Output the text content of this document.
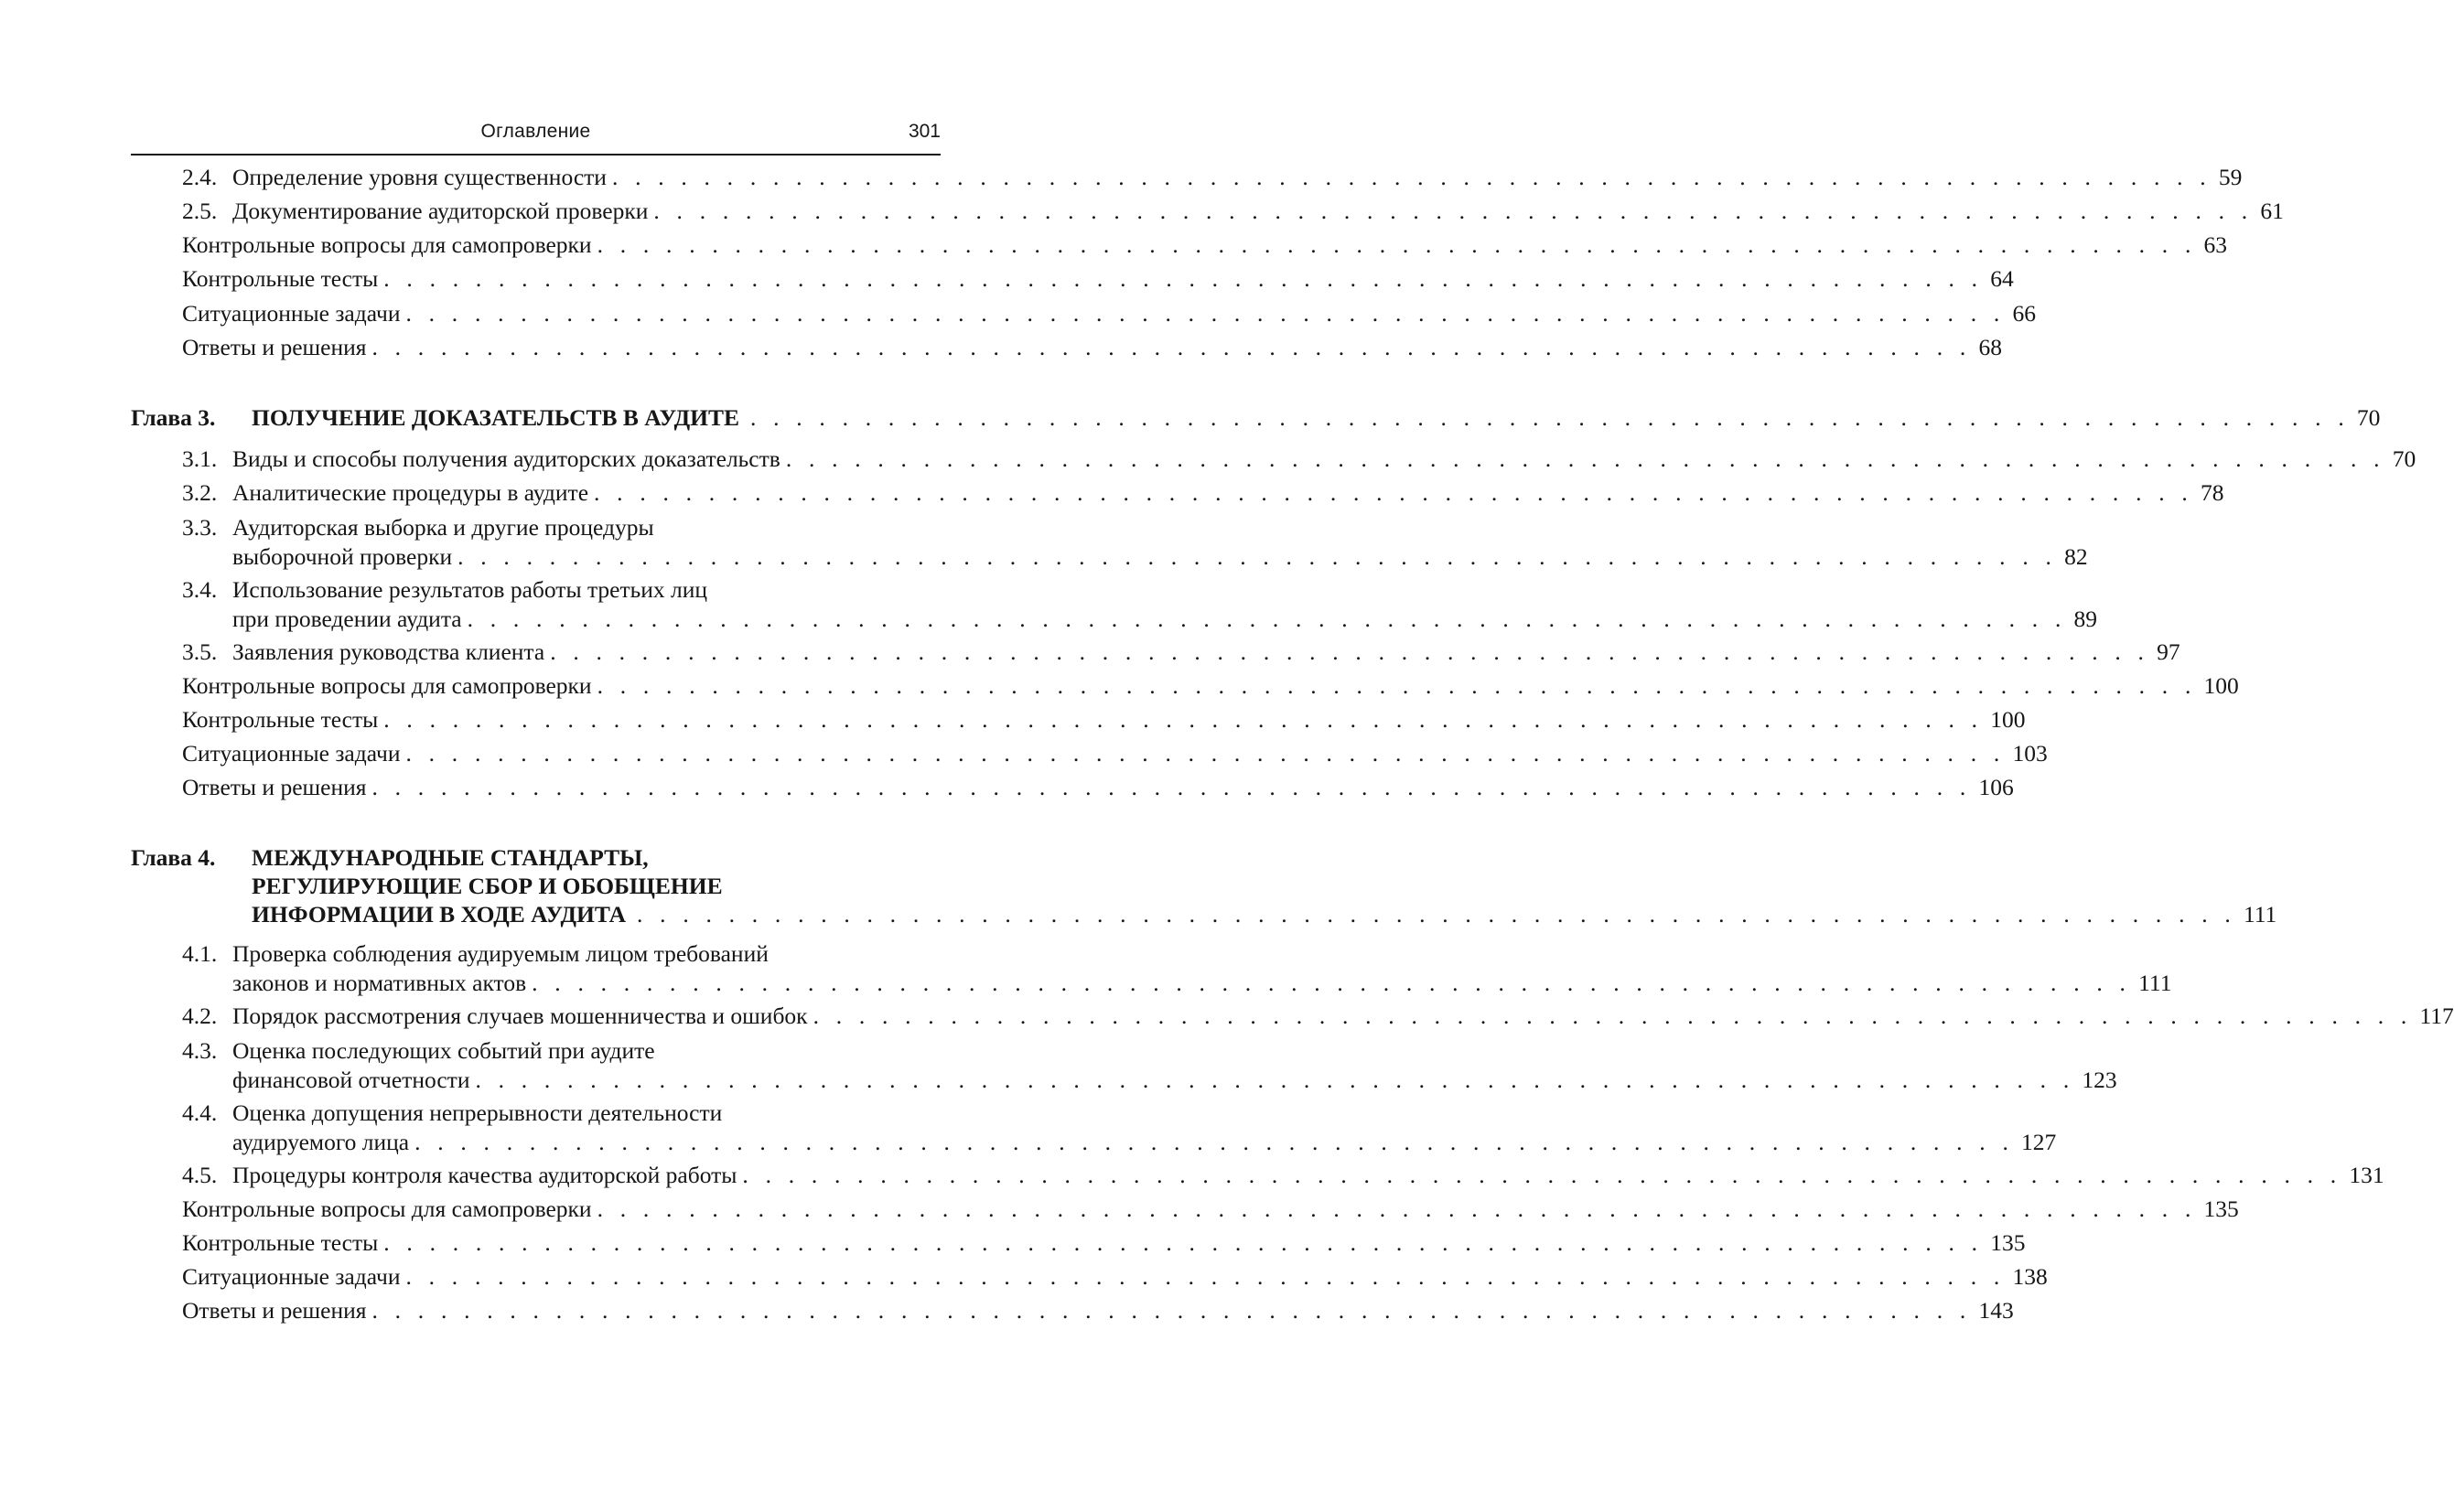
Оглавление	301
2.4. Определение уровня существенности . . . . . . . . . . . . . . . . . . . . . . . . . . . . . . . . . . . . . . . . . . . . . . . . . . . . . . . . . . . . . . . . . . . . . . 59
2.5. Документирование аудиторской проверки . . . . . . . . . . . . . . . . . . . . . . . . . . . . . . . . . . . . . . . . . . . . . . . . . . . . . . . . . . . . . . . . . . . . . . 61
Контрольные вопросы для самопроверки . . . . . . . . . . . . . . . . . . . . . . . . . . . . . . . . . . . . . . . . . . . . . . . . . . . . . . . . . . . . . . . . . . . . . . 63
Контрольные тесты . . . . . . . . . . . . . . . . . . . . . . . . . . . . . . . . . . . . . . . . . . . . . . . . . . . . . . . . . . . . . . . . . . . . . . 64
Ситуационные задачи . . . . . . . . . . . . . . . . . . . . . . . . . . . . . . . . . . . . . . . . . . . . . . . . . . . . . . . . . . . . . . . . . . . . . . 66
Ответы и решения . . . . . . . . . . . . . . . . . . . . . . . . . . . . . . . . . . . . . . . . . . . . . . . . . . . . . . . . . . . . . . . . . . . . . . 68
Глава 3. ПОЛУЧЕНИЕ ДОКАЗАТЕЛЬСТВ В АУДИТЕ . . . . . . . . . . . . . . . . . . . . . . . . . . . . . . . . . . . . . . . . . . . . . . . . . . . . . . . . . . . . . . . . . . . . . . 70
3.1. Виды и способы получения аудиторских доказательств . . . . . . . . . . . . . . . . . . . . . . . . . . . . . . . . . . . . . . . . . . . . . . . . . . . . . . . . . . . . . . . . . . . . . . 70
3.2. Аналитические процедуры в аудите . . . . . . . . . . . . . . . . . . . . . . . . . . . . . . . . . . . . . . . . . . . . . . . . . . . . . . . . . . . . . . . . . . . . . . 78
3.3. Аудиторская выборка и другие процедуры
выборочной проверки . . . . . . . . . . . . . . . . . . . . . . . . . . . . . . . . . . . . . . . . . . . . . . . . . . . . . . . . . . . . . . . . . . . . . . 82
3.4. Использование результатов работы третьих лиц
при проведении аудита . . . . . . . . . . . . . . . . . . . . . . . . . . . . . . . . . . . . . . . . . . . . . . . . . . . . . . . . . . . . . . . . . . . . . . 89
3.5. Заявления руководства клиента . . . . . . . . . . . . . . . . . . . . . . . . . . . . . . . . . . . . . . . . . . . . . . . . . . . . . . . . . . . . . . . . . . . . . . 97
Контрольные вопросы для самопроверки . . . . . . . . . . . . . . . . . . . . . . . . . . . . . . . . . . . . . . . . . . . . . . . . . . . . . . . . . . . . . . . . . . . . . . 100
Контрольные тесты . . . . . . . . . . . . . . . . . . . . . . . . . . . . . . . . . . . . . . . . . . . . . . . . . . . . . . . . . . . . . . . . . . . . . . 100
Ситуационные задачи . . . . . . . . . . . . . . . . . . . . . . . . . . . . . . . . . . . . . . . . . . . . . . . . . . . . . . . . . . . . . . . . . . . . . . 103
Ответы и решения . . . . . . . . . . . . . . . . . . . . . . . . . . . . . . . . . . . . . . . . . . . . . . . . . . . . . . . . . . . . . . . . . . . . . . 106
Глава 4. МЕЖДУНАРОДНЫЕ СТАНДАРТЫ,
РЕГУЛИРУЮЩИЕ СБОР И ОБОБЩЕНИЕ
ИНФОРМАЦИИ В ХОДЕ АУДИТА . . . . . . . . . . . . . . . . . . . . . . . . . . . . . . . . . . . . . . . . . . . . . . . . . . . . . . . . . . . . . . . . . . . . . . 111
4.1. Проверка соблюдения аудируемым лицом требований
законов и нормативных актов . . . . . . . . . . . . . . . . . . . . . . . . . . . . . . . . . . . . . . . . . . . . . . . . . . . . . . . . . . . . . . . . . . . . . . 111
4.2. Порядок рассмотрения случаев мошенничества и ошибок . . . . . . . . . . . . . . . . . . . . . . . . . . . . . . . . . . . . . . . . . . . . . . . . . . . . . . . . . . . . . . . . . . . . . . 117
4.3. Оценка последующих событий при аудите
финансовой отчетности . . . . . . . . . . . . . . . . . . . . . . . . . . . . . . . . . . . . . . . . . . . . . . . . . . . . . . . . . . . . . . . . . . . . . . 123
4.4. Оценка допущения непрерывности деятельности
аудируемого лица . . . . . . . . . . . . . . . . . . . . . . . . . . . . . . . . . . . . . . . . . . . . . . . . . . . . . . . . . . . . . . . . . . . . . . 127
4.5. Процедуры контроля качества аудиторской работы . . . . . . . . . . . . . . . . . . . . . . . . . . . . . . . . . . . . . . . . . . . . . . . . . . . . . . . . . . . . . . . . . . . . . . 131
Контрольные вопросы для самопроверки . . . . . . . . . . . . . . . . . . . . . . . . . . . . . . . . . . . . . . . . . . . . . . . . . . . . . . . . . . . . . . . . . . . . . . 135
Контрольные тесты . . . . . . . . . . . . . . . . . . . . . . . . . . . . . . . . . . . . . . . . . . . . . . . . . . . . . . . . . . . . . . . . . . . . . . 135
Ситуационные задачи . . . . . . . . . . . . . . . . . . . . . . . . . . . . . . . . . . . . . . . . . . . . . . . . . . . . . . . . . . . . . . . . . . . . . . 138
Ответы и решения . . . . . . . . . . . . . . . . . . . . . . . . . . . . . . . . . . . . . . . . . . . . . . . . . . . . . . . . . . . . . . . . . . . . . . 143
